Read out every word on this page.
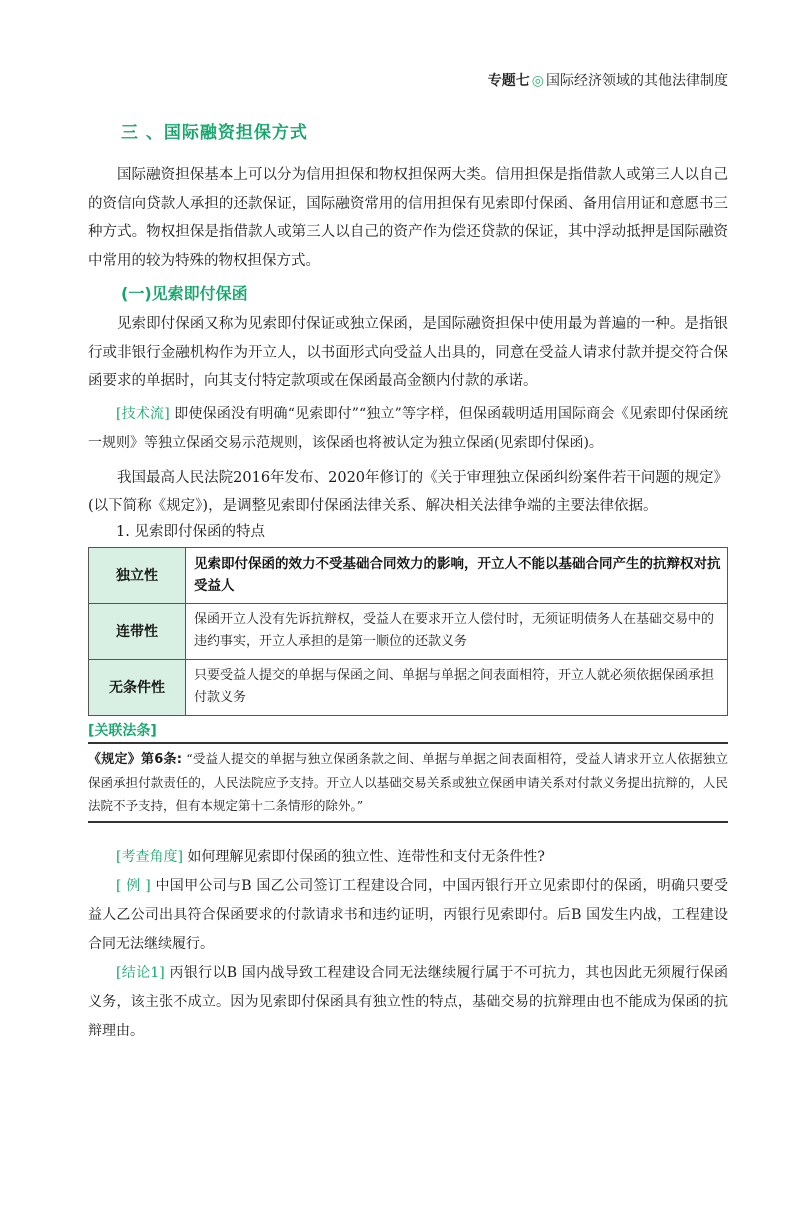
专题七 ◎ 国际经济领域的其他法律制度
三 、国际融资担保方式

国际融资担保基本上可以分为信用担保和物权担保两大类。信用担保是指借款人或第三人以自己的资信向贷款人承担的还款保证，国际融资常用的信用担保有见索即付保函、备用信用证和意愿书三种方式。物权担保是指借款人或第三人以自己的资产作为偿还贷款的保证，其中浮动抵押是国际融资中常用的较为特殊的物权担保方式。

(一)见索即付保函

见索即付保函又称为见索即付保证或独立保函，是国际融资担保中使用最为普遍的一种。是指银行或非银行金融机构作为开立人，以书面形式向受益人出具的，同意在受益人请求付款并提交符合保函要求的单据时，向其支付特定款项或在保函最高金额内付款的承诺。

[技术流] 即使保函没有明确“见索即付”“独立”等字样，但保函载明适用国际商会《见索即付保函统一规则》等独立保函交易示范规则，该保函也将被认定为独立保函(见索即付保函)。

我国最高人民法院2016年发布、2020年修订的《关于审理独立保函纠纷案件若干问题的规定》(以下简称《规定》)，是调整见索即付保函法律关系、解决相关法律争端的主要法律依据。

1. 见索即付保函的特点
独立性	见索即付保函的效力不受基础合同效力的影响，开立人不能以基础合同产生的抗辩权对抗受益人
连带性	保函开立人没有先诉抗辩权，受益人在要求开立人偿付时，无须证明债务人在基础交易中的违约事实，开立人承担的是第一顺位的还款义务
无条件性	只要受益人提交的单据与保函之间、单据与单据之间表面相符，开立人就必须依据保函承担付款义务
[关联法条]

《规定》第6条: “受益人提交的单据与独立保函条款之间、单据与单据之间表面相符，受益人请求开立人依据独立保函承担付款责任的，人民法院应予支持。开立人以基础交易关系或独立保函申请关系对付款义务提出抗辩的，人民法院不予支持，但有本规定第十二条情形的除外。”

[考查角度] 如何理解见索即付保函的独立性、连带性和支付无条件性?

[ 例 ] 中国甲公司与B 国乙公司签订工程建设合同，中国丙银行开立见索即付的保函，明确只要受益人乙公司出具符合保函要求的付款请求书和违约证明，丙银行见索即付。后B 国发生内战，工程建设合同无法继续履行。

[结论1] 丙银行以B 国内战导致工程建设合同无法继续履行属于不可抗力，其也因此无须履行保函义务，该主张不成立。因为见索即付保函具有独立性的特点，基础交易的抗辩理由也不能成为保函的抗辩理由。
